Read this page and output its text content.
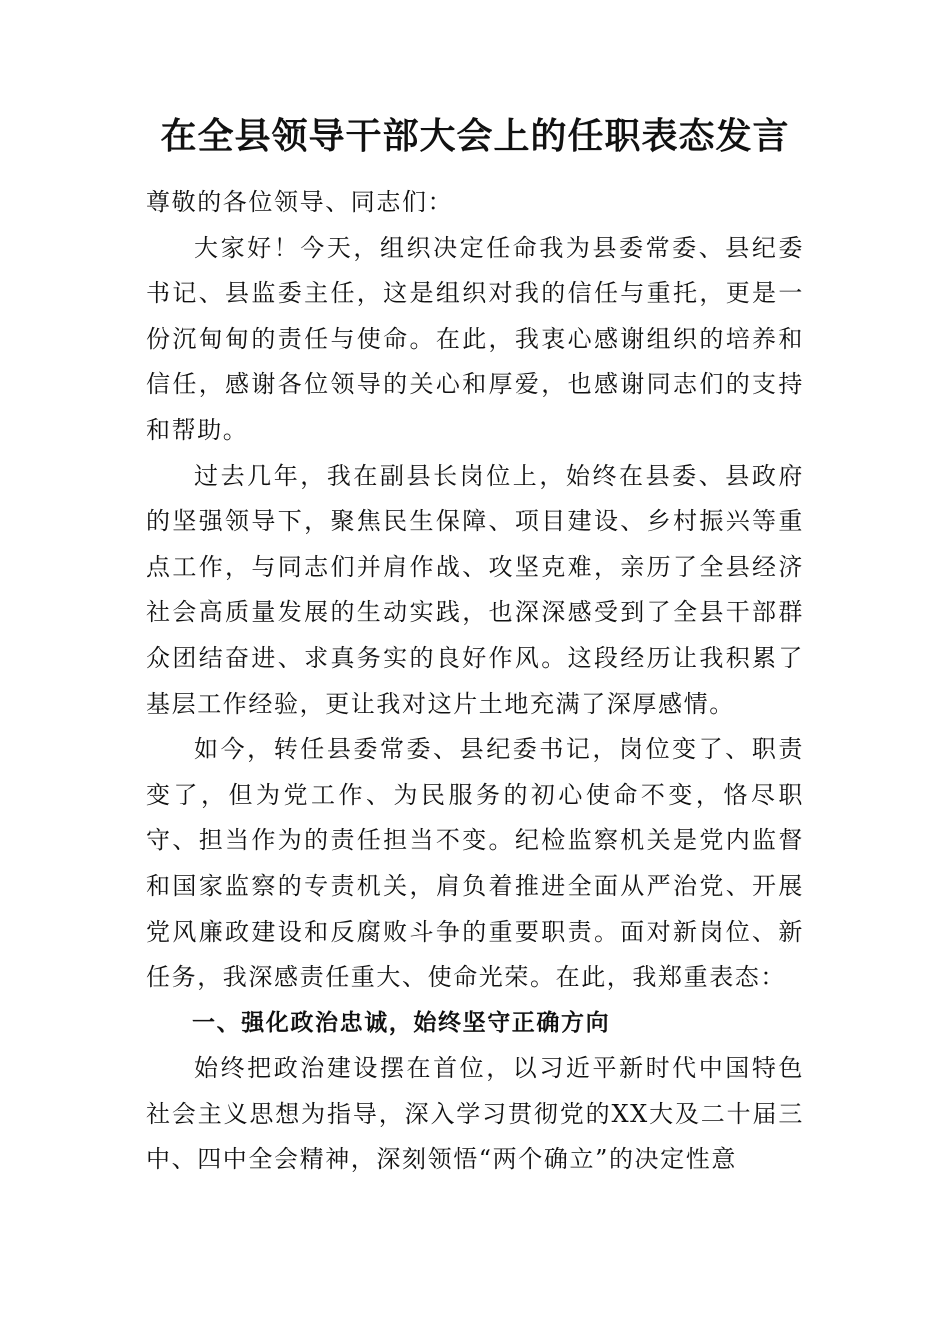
在全县领导干部大会上的任职表态发言

尊敬的各位领导、同志们：

大家好！今天，组织决定任命我为县委常委、县纪委书记、县监委主任，这是组织对我的信任与重托，更是一份沉甸甸的责任与使命。在此，我衷心感谢组织的培养和信任，感谢各位领导的关心和厚爱，也感谢同志们的支持和帮助。

过去几年，我在副县长岗位上，始终在县委、县政府的坚强领导下，聚焦民生保障、项目建设、乡村振兴等重点工作，与同志们并肩作战、攻坚克难，亲历了全县经济社会高质量发展的生动实践，也深深感受到了全县干部群众团结奋进、求真务实的良好作风。这段经历让我积累了基层工作经验，更让我对这片土地充满了深厚感情。

如今，转任县委常委、县纪委书记，岗位变了、职责变了，但为党工作、为民服务的初心使命不变，恪尽职守、担当作为的责任担当不变。纪检监察机关是党内监督和国家监察的专责机关，肩负着推进全面从严治党、开展党风廉政建设和反腐败斗争的重要职责。面对新岗位、新任务，我深感责任重大、使命光荣。在此，我郑重表态：

一、强化政治忠诚，始终坚守正确方向

始终把政治建设摆在首位，以习近平新时代中国特色社会主义思想为指导，深入学习贯彻党的XX大及二十届三中、四中全会精神，深刻领悟“两个确立”的决定性意
